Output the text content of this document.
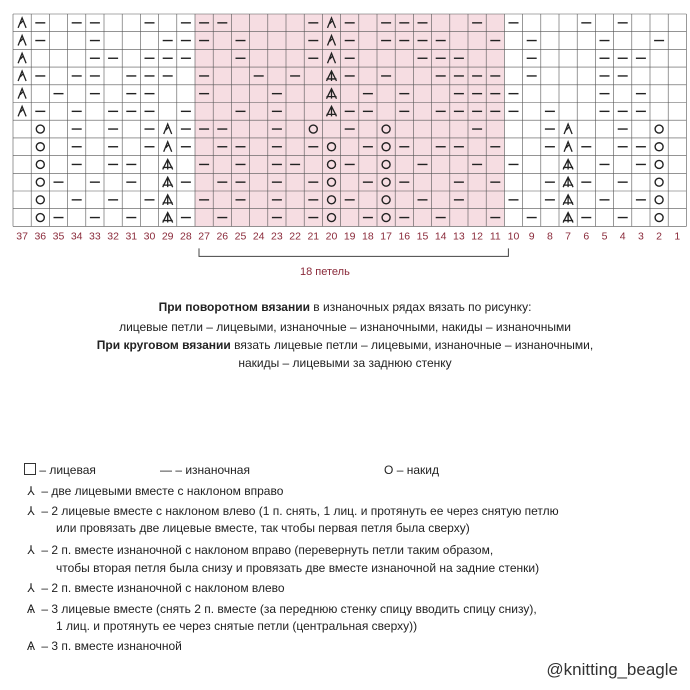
37 36 35 34 33 32 31 30 29 28 27 26 25 24 23 22 21 20 19 18 17 16 15 14 13 12 11 10 9 8 7 6 5 4 3 2 1
18 петель
При поворотном вязании в изнаночных рядах вязать по рисунку:
лицевые петли – лицевыми, изнаночные – изнаночными, накиды – изнаночными
При круговом вязании вязать лицевые петли – лицевыми, изнаночные – изнаночными,
накиды – лицевыми за заднюю стенку
– лицевая	— – изнаночная	O – накид
⅄ – две лицевыми вместе с наклоном вправо
⅄ – 2 лицевые вместе с наклоном влево (1 п. снять, 1 лиц. и протянуть ее через снятую петлю
или провязать две лицевые вместе, так чтобы первая петля была сверху)
⅄ – 2 п. вместе изнаночной с наклоном вправо (перевернуть петли таким образом,
чтобы вторая петля была снизу и провязать две вместе изнаночной на задние стенки)
⅄ – 2 п. вместе изнаночной с наклоном влево
Ѧ – 3 лицевые вместе (снять 2 п. вместе (за переднюю стенку спицу вводить спицу снизу),
1 лиц. и протянуть ее через снятые петли (центральная сверху))
Ѧ – 3 п. вместе изнаночной
@knitting_beagle
